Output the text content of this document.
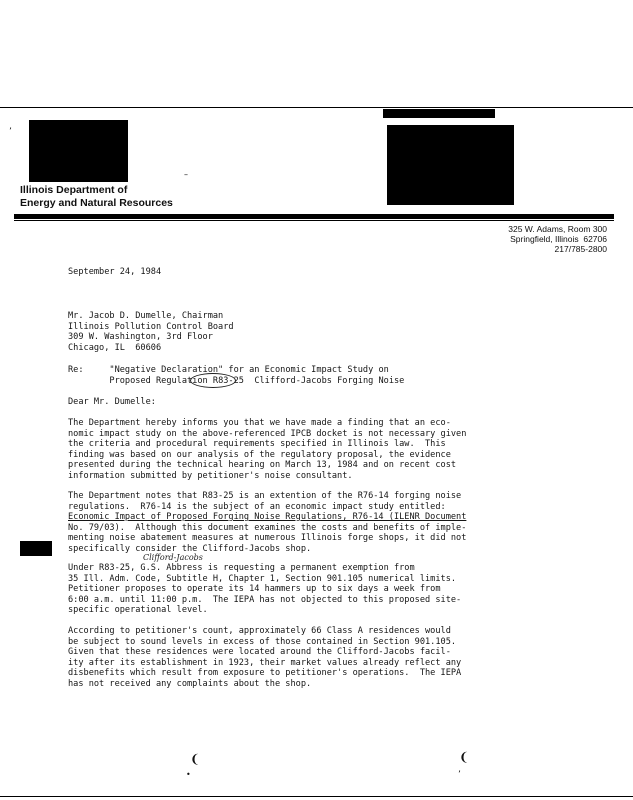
Illinois Department of
Energy and Natural Resources
325 W. Adams, Room 300
Springfield, Illinois  62706
217/785-2800
September 24, 1984
Mr. Jacob D. Dumelle, Chairman
Illinois Pollution Control Board
309 W. Washington, 3rd Floor
Chicago, IL  60606
Re:	"Negative Declaration" for an Economic Impact Study on
Proposed Regulation R83-25 Clifford-Jacobs Forging Noise
Dear Mr. Dumelle:
The Department hereby informs you that we have made a finding that an eco-
nomic impact study on the above-referenced IPCB docket is not necessary given
the criteria and procedural requirements specified in Illinois law.  This
finding was based on our analysis of the regulatory proposal, the evidence
presented during the technical hearing on March 13, 1984 and on recent cost
information submitted by petitioner's noise consultant.
The Department notes that R83-25 is an extention of the R76-14 forging noise
regulations.  R76-14 is the subject of an economic impact study entitled:
Economic Impact of Proposed Forging Noise Regulations, R76-14 (ILENR Document
No. 79/03).  Although this document examines the costs and benefits of imple-
menting noise abatement measures at numerous Illinois forge shops, it did not
specifically consider the Clifford-Jacobs shop.
Clifford-Jacobs
Under R83-25, G.S. Abbress is requesting a permanent exemption from
35 Ill. Adm. Code, Subtitle H, Chapter 1, Section 901.105 numerical limits.
Petitioner proposes to operate its 14 hammers up to six days a week from
6:00 a.m. until 11:00 p.m.  The IEPA has not objected to this proposed site-
specific operational level.
According to petitioner's count, approximately 66 Class A residences would
be subject to sound levels in excess of those contained in Section 901.105.
Given that these residences were located around the Clifford-Jacobs facil-
ity after its establishment in 1923, their market values already reflect any
disbenefits which result from exposure to petitioner's operations.  The IEPA
has not received any complaints about the shop.
’
–
❨
•
❨
’
